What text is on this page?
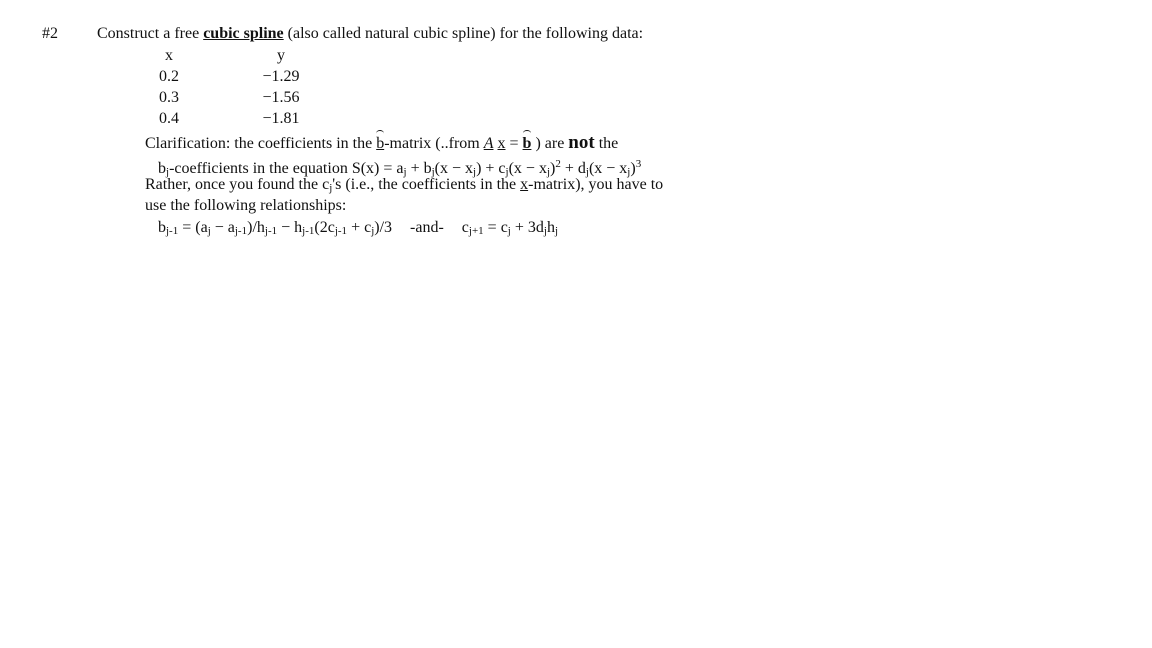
#2 Construct a free cubic spline (also called natural cubic spline) for the following data:
x
0.2
0.3
0.4
y
−1.29
−1.56
−1.81
Clarification: the coefficients in the b-matrix (..from A x = b ) are not the
$b_j$-coefficients in the equation $S(x) = a_j + b_j(x - x_j) + c_j(x - x_j)^2 + d_j(x - x_j)^3$
Rather, once you found the $c_j's$ (i.e., the coefficients in the x-matrix), you have to
use the following relationships:
$b_{j-1} = (a_j - a_{j-1})/h_{j-1} - h_{j-1}(2c_{j-1} + c_j)/3$ -and- $c_{j+1} = c_j + 3d_jh_j$
